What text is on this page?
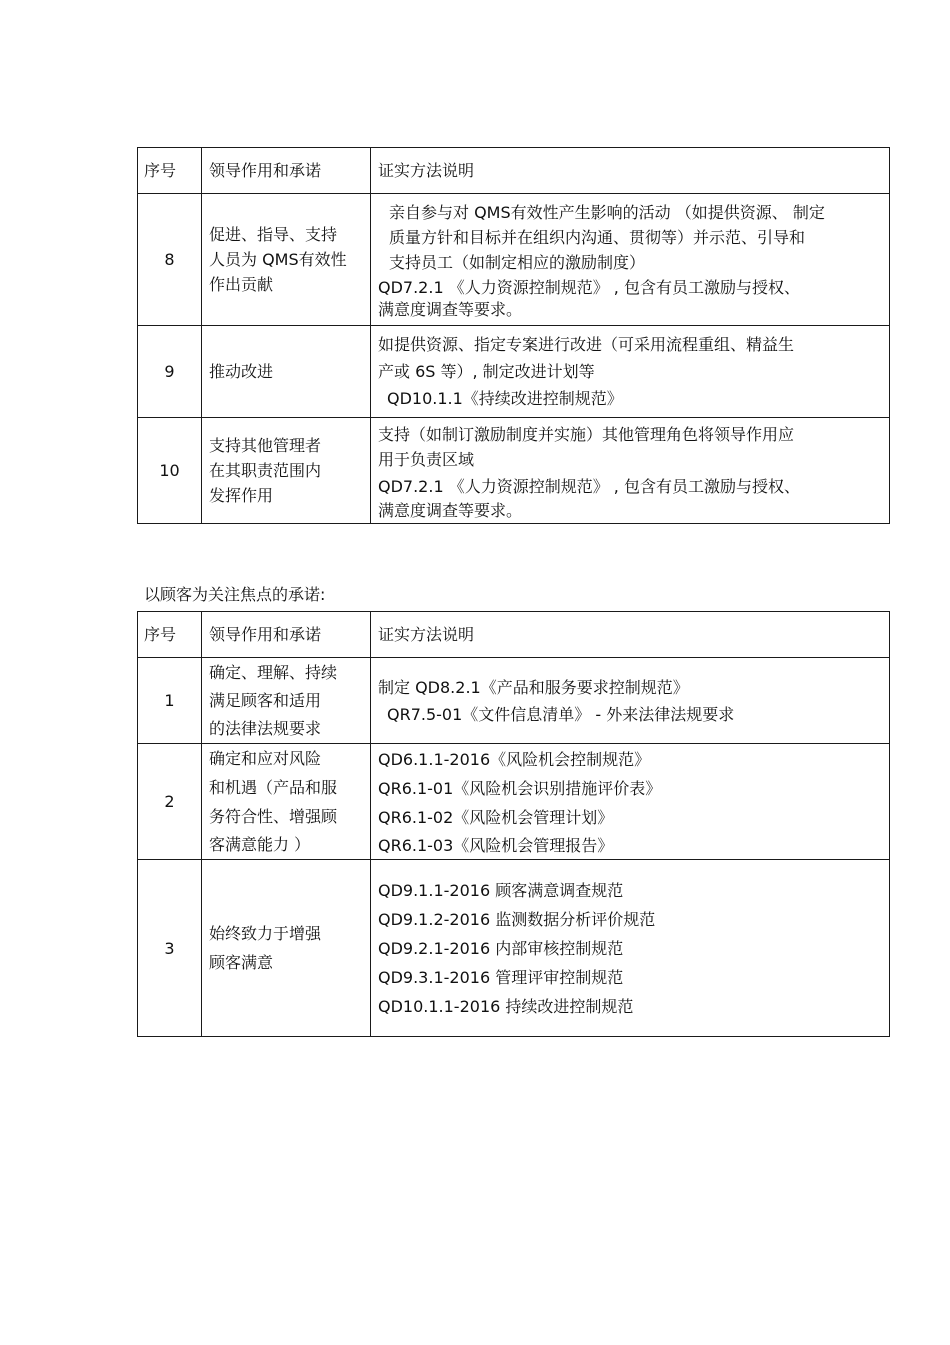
序号	领导作用和承诺	证实方法说明
8	促进、指导、支持
人员为 QMS有效性
作出贡献	亲自参与对 QMS有效性产生影响的活动 （如提供资源、 制定
质量方针和目标并在组织内沟通、贯彻等）并示范、引导和
支持员工（如制定相应的激励制度）
QD7.2.1 《人力资源控制规范》 , 包含有员工激励与授权、
满意度调查等要求。

9	推动改进	如提供资源、指定专案进行改进（可采用流程重组、精益生
产或 6S 等）, 制定改进计划等
QD10.1.1《持续改进控制规范》

10	支持其他管理者
在其职责范围内
发挥作用	支持（如制订激励制度并实施）其他管理角色将领导作用应
用于负责区域
QD7.2.1 《人力资源控制规范》 , 包含有员工激励与授权、
满意度调查等要求。
以顾客为关注焦点的承诺:
序号	领导作用和承诺	证实方法说明
1	确定、理解、持续
满足顾客和适用
的法律法规要求	制定 QD8.2.1《产品和服务要求控制规范》
QR7.5-01《文件信息清单》 - 外来法律法规要求

2	确定和应对风险
和机遇（产品和服
务符合性、增强顾
客满意能力 ）	QD6.1.1-2016《风险机会控制规范》
QR6.1-01《风险机会识别措施评价表》
QR6.1-02《风险机会管理计划》
QR6.1-03《风险机会管理报告》

3	始终致力于增强
顾客满意	QD9.1.1-2016 顾客满意调查规范
QD9.1.2-2016 监测数据分析评价规范
QD9.2.1-2016 内部审核控制规范
QD9.3.1-2016 管理评审控制规范
QD10.1.1-2016 持续改进控制规范
